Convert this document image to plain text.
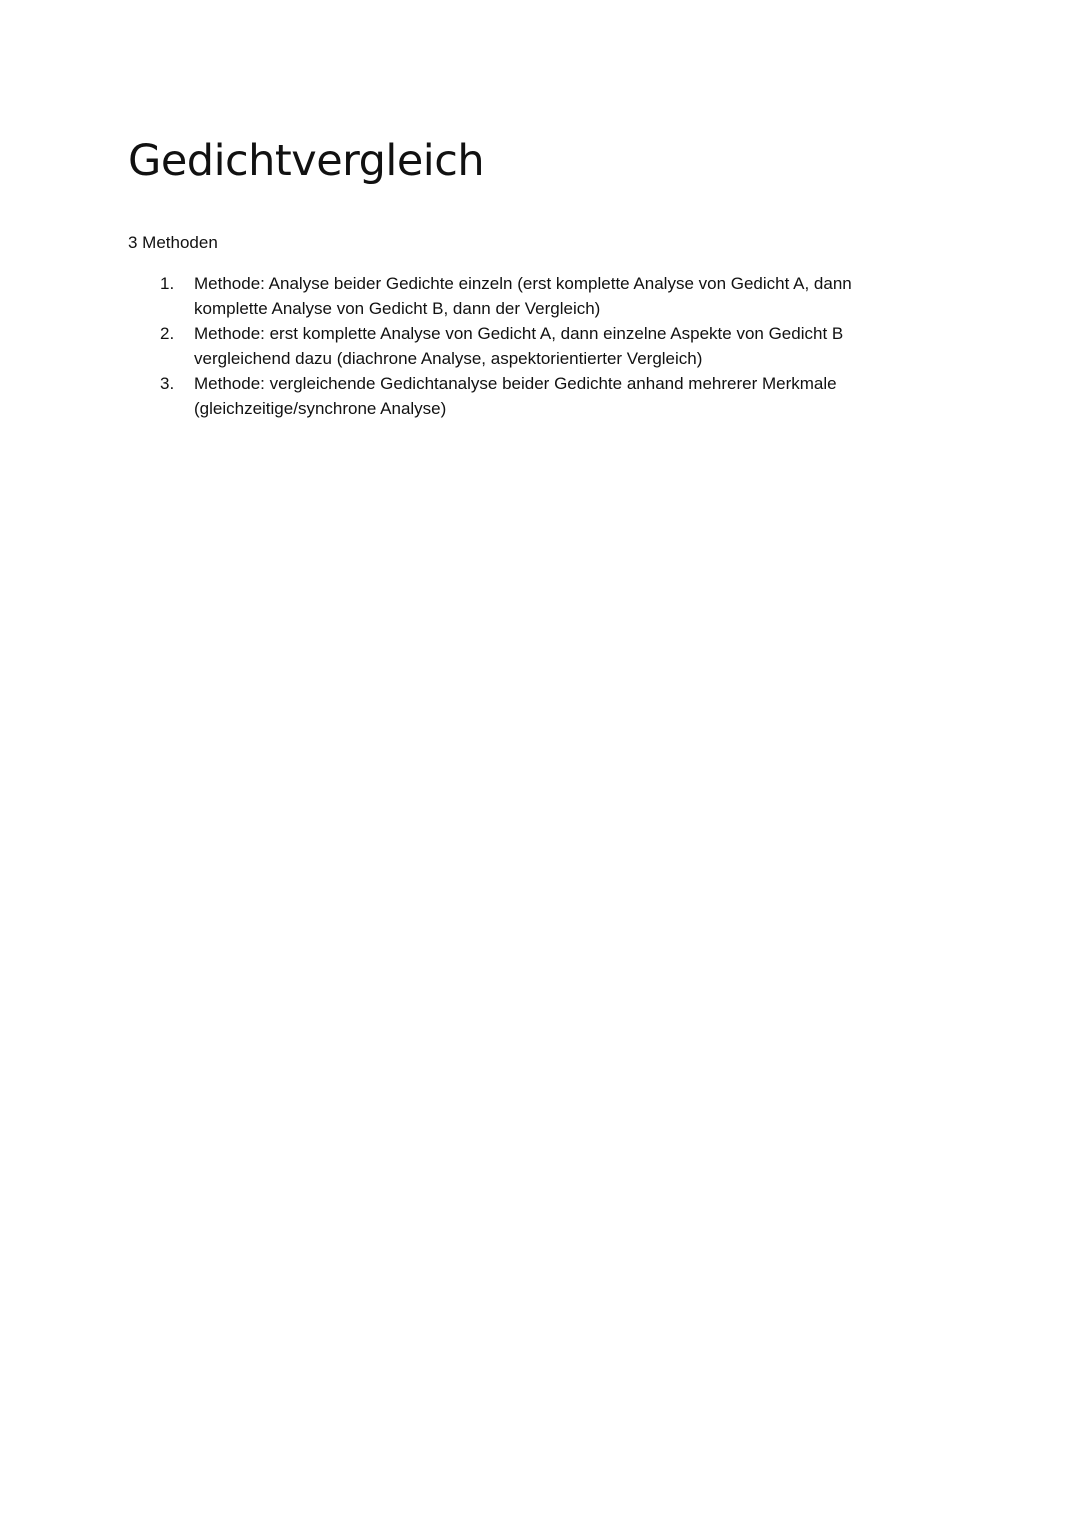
Gedichtvergleich

3 Methoden

1. Methode: Analyse beider Gedichte einzeln (erst komplette Analyse von Gedicht A, dann
komplette Analyse von Gedicht B, dann der Vergleich)
2. Methode: erst komplette Analyse von Gedicht A, dann einzelne Aspekte von Gedicht B
vergleichend dazu (diachrone Analyse, aspektorientierter Vergleich)
3. Methode: vergleichende Gedichtanalyse beider Gedichte anhand mehrerer Merkmale
(gleichzeitige/synchrone Analyse)
